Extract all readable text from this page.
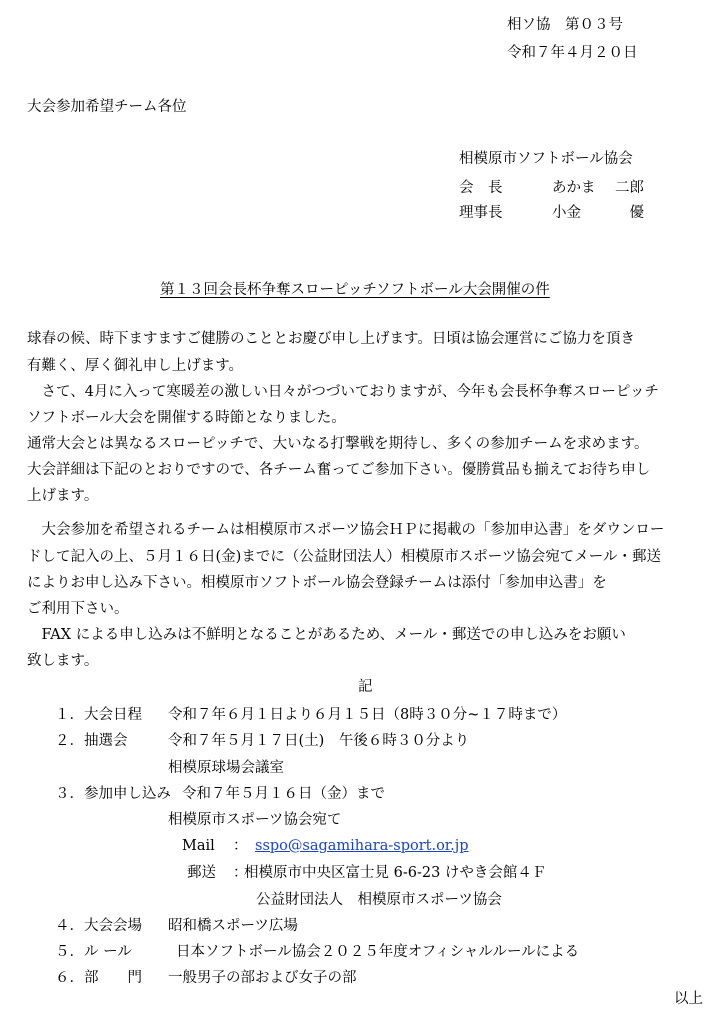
相ソ協　第０３号
令和７年４月２０日
大会参加希望チーム各位
相模原市ソフトボール協会
会　長	あかま 二郎
理事長	小金	優
第１３回会長杯争奪スローピッチソフトボール大会開催の件
球春の候、時下ますますご健勝のこととお慶び申し上げます。日頃は協会運営にご協力を頂き
有難く、厚く御礼申し上げます。
　さて、4月に入って寒暖差の激しい日々がつづいておりますが、今年も会長杯争奪スローピッチ
ソフトボール大会を開催する時節となりました。
通常大会とは異なるスローピッチで、大いなる打撃戦を期待し、多くの参加チームを求めます。
大会詳細は下記のとおりですので、各チーム奮ってご参加下さい。優勝賞品も揃えてお待ち申し
上げます。
　大会参加を希望されるチームは相模原市スポーツ協会ＨＰに掲載の「参加申込書」をダウンロー
ドして記入の上、５月１６日(金)までに（公益財団法人）相模原市スポーツ協会宛てメール・郵送
によりお申し込み下さい。相模原市ソフトボール協会登録チームは添付「参加申込書」を
ご利用下さい。
　FAX による申し込みは不鮮明となることがあるため、メール・郵送での申し込みをお願い
致します。
記
１．大会日程 令和７年６月１日より６月１５日（8時３０分~１７時まで）
２．抽選会	令和７年５月１７日(土)　午後６時３０分より
相模原球場会議室
３．参加申し込み 令和７年５月１６日（金）まで
相模原市スポーツ協会宛て
Mail ： sspo@sagamihara-sport.or.jp
郵送 ：
相模原市中央区富士見 6-6-23 けやき会館４Ｆ
公益財団法人　相模原市スポーツ協会
４．大会会場 昭和橋スポーツ広場
５．ル ール	日本ソフトボール協会２０２５年度オフィシャルルールによる
６．部　　門 一般男子の部および女子の部
以上
